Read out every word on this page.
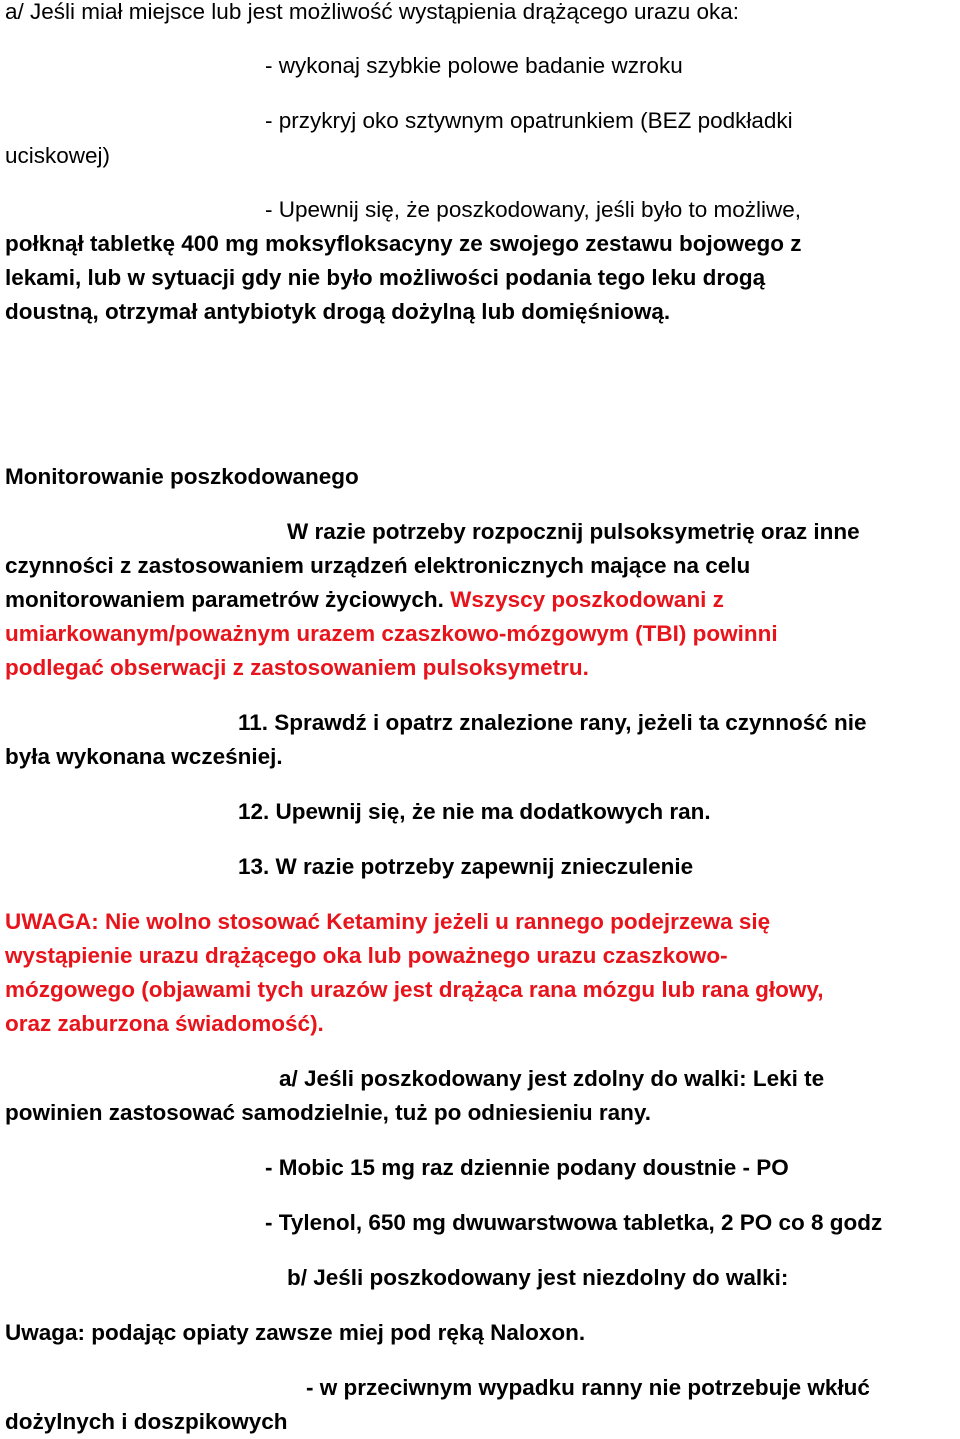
a/ Jeśli miał miejsce lub jest możliwość wystąpienia drążącego urazu oka:
- wykonaj szybkie polowe badanie wzroku
- przykryj oko sztywnym opatrunkiem (BEZ podkładki
uciskowej)
- Upewnij się, że poszkodowany, jeśli było to możliwe,
połknął tabletkę 400 mg moksyfloksacyny ze swojego zestawu bojowego z
lekami, lub w sytuacji gdy nie było możliwości podania tego leku drogą
doustną, otrzymał antybiotyk drogą dożylną lub domięśniową.
Monitorowanie poszkodowanego
W razie potrzeby rozpocznij pulsoksymetrię oraz inne
czynności z zastosowaniem urządzeń elektronicznych mające na celu
monitorowaniem parametrów życiowych. Wszyscy poszkodowani z
umiarkowanym/poważnym urazem czaszkowo-mózgowym (TBI) powinni
podlegać obserwacji z zastosowaniem pulsoksymetru.
11. Sprawdź i opatrz znalezione rany, jeżeli ta czynność nie
była wykonana wcześniej.
12. Upewnij się, że nie ma dodatkowych ran.
13. W razie potrzeby zapewnij znieczulenie
UWAGA: Nie wolno stosować Ketaminy jeżeli u rannego podejrzewa się
wystąpienie urazu drążącego oka lub poważnego urazu czaszkowo-
mózgowego (objawami tych urazów jest drążąca rana mózgu lub rana głowy,
oraz zaburzona świadomość).
a/ Jeśli poszkodowany jest zdolny do walki: Leki te
powinien zastosować samodzielnie, tuż po odniesieniu rany.
- Mobic 15 mg raz dziennie podany doustnie - PO
- Tylenol, 650 mg dwuwarstwowa tabletka, 2 PO co 8 godz
b/ Jeśli poszkodowany jest niezdolny do walki:
Uwaga: podając opiaty zawsze miej pod ręką Naloxon.
- w przeciwnym wypadku ranny nie potrzebuje wkłuć
dożylnych i doszpikowych
